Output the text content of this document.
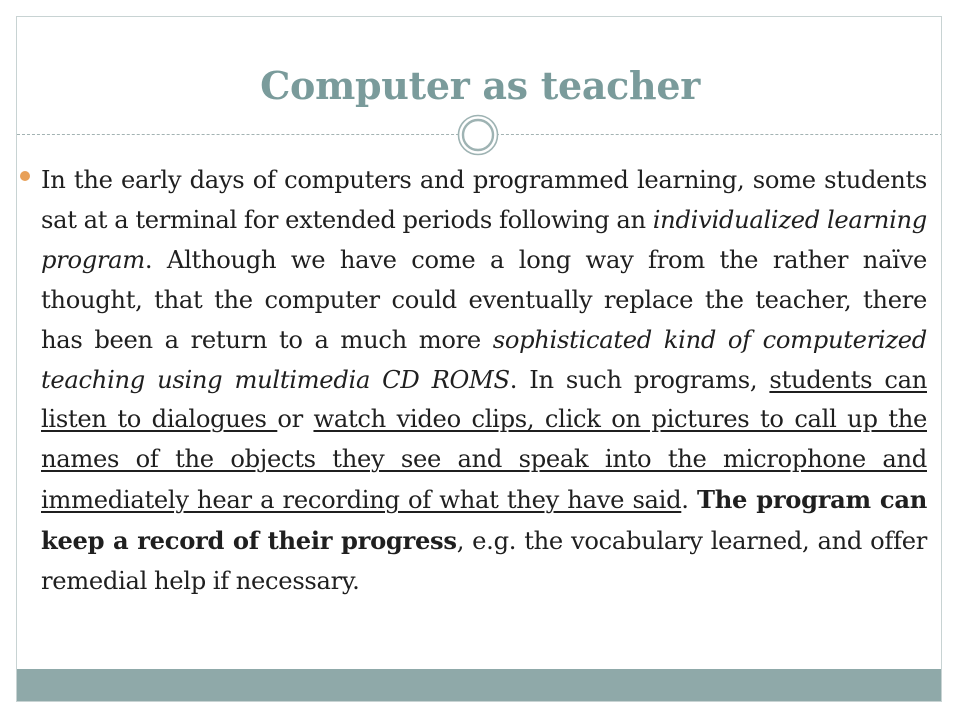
Computer as teacher
In the early days of computers and programmed learning, some students sat at a terminal for extended periods following an individualized learning program. Although we have come a long way from the rather naïve thought, that the computer could eventually replace the teacher, there has been a return to a much more sophisticated kind of computerized teaching using multimedia CD ROMS. In such programs, students can listen to dialogues or watch video clips, click on pictures to call up the names of the objects they see and speak into the microphone and immediately hear a recording of what they have said. The program can keep a record of their progress, e.g. the vocabulary learned, and offer remedial help if necessary.
